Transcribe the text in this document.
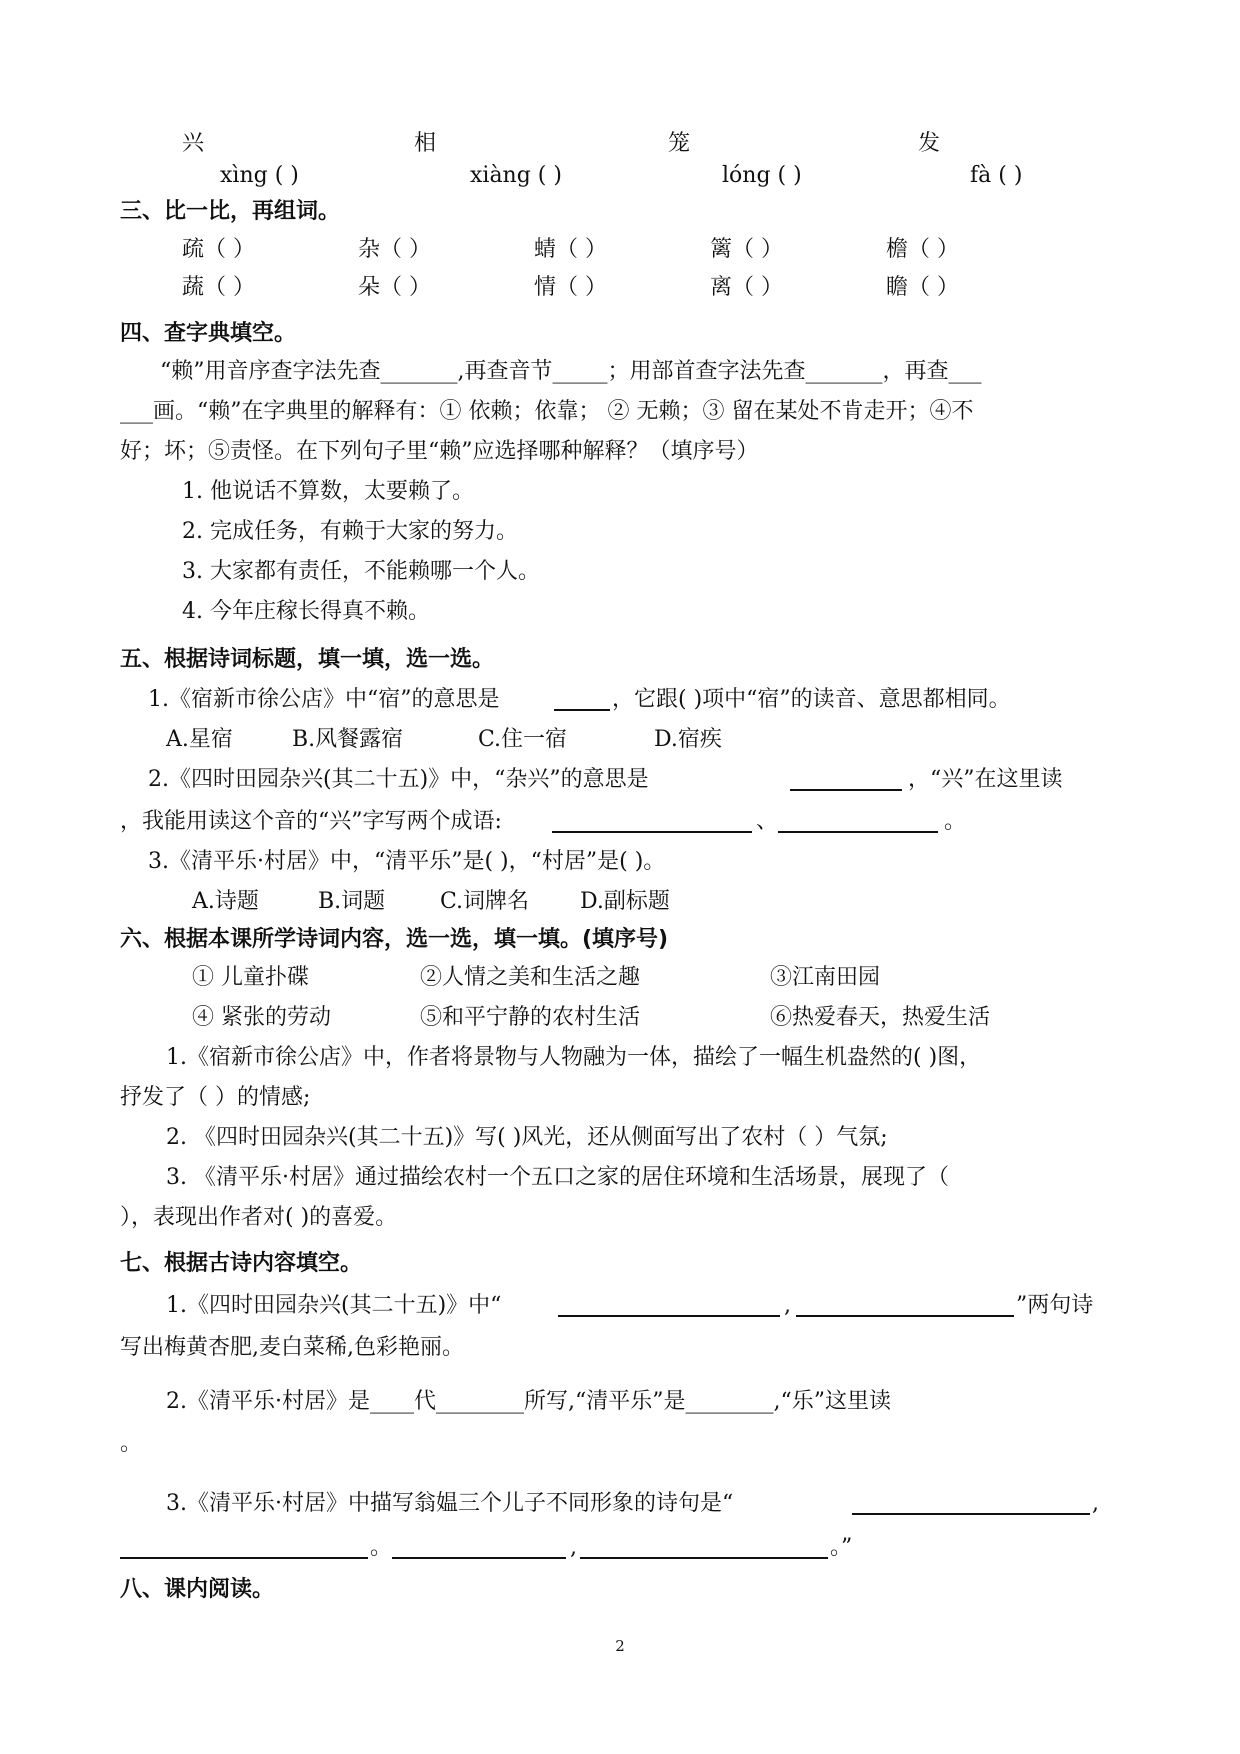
兴	相	笼	发
xìng ( )	xiàng ( )	lóng ( )	fà ( )
三、比一比，再组词。
疏（ ）	杂（ ）	蜻（ ）	篱（ ）	檐（ ）
蔬（ ）	朵（ ）	情（ ）	离（ ）	瞻（ ）
四、查字典填空。
“赖”用音序查字法先查_______,再查音节_____；用部首查字法先查_______，再查___
___画。“赖”在字典里的解释有：① 依赖；依靠； ② 无赖；③ 留在某处不肯走开；④不
好；坏；⑤责怪。在下列句子里“赖”应选择哪种解释？（填序号）
1. 他说话不算数，太要赖了。
2. 完成任务，有赖于大家的努力。
3. 大家都有责任，不能赖哪一个人。
4. 今年庄稼长得真不赖。
五、根据诗词标题，填一填，选一选。
1.《宿新市徐公店》中“宿”的意思是	，它跟( )项中“宿”的读音、意思都相同。
A.星宿	B.风餐露宿	C.住一宿	D.宿疾
2.《四时田园杂兴(其二十五)》中，“杂兴”的意思是	，“兴”在这里读
，我能用读这个音的“兴”字写两个成语:	、	。
3.《清平乐·村居》中，“清平乐”是( )，“村居”是( )。
A.诗题	B.词题 C.词牌名 D.副标题
六、根据本课所学诗词内容，选一选，填一填。(填序号)
① 儿童扑碟	②人情之美和生活之趣	③江南田园
④ 紧张的劳动	⑤和平宁静的农村生活	⑥热爱春天，热爱生活
1.《宿新市徐公店》中，作者将景物与人物融为一体，描绘了一幅生机盎然的( )图，
抒发了（ ）的情感;
2. 《四时田园杂兴(其二十五)》写( )风光，还从侧面写出了农村（ ）气氛;
3. 《清平乐·村居》通过描绘农村一个五口之家的居住环境和生活场景，展现了（
），表现出作者对( )的喜爱。
七、根据古诗内容填空。
1.《四时田园杂兴(其二十五)》中“	,	”两句诗
写出梅黄杏肥,麦白菜稀,色彩艳丽。
2.《清平乐·村居》是____代________所写,“清平乐”是________,“乐”这里读
。
3.《清平乐·村居》中描写翁媪三个儿子不同形象的诗句是“	,
。	,	。”
八、课内阅读。
2
